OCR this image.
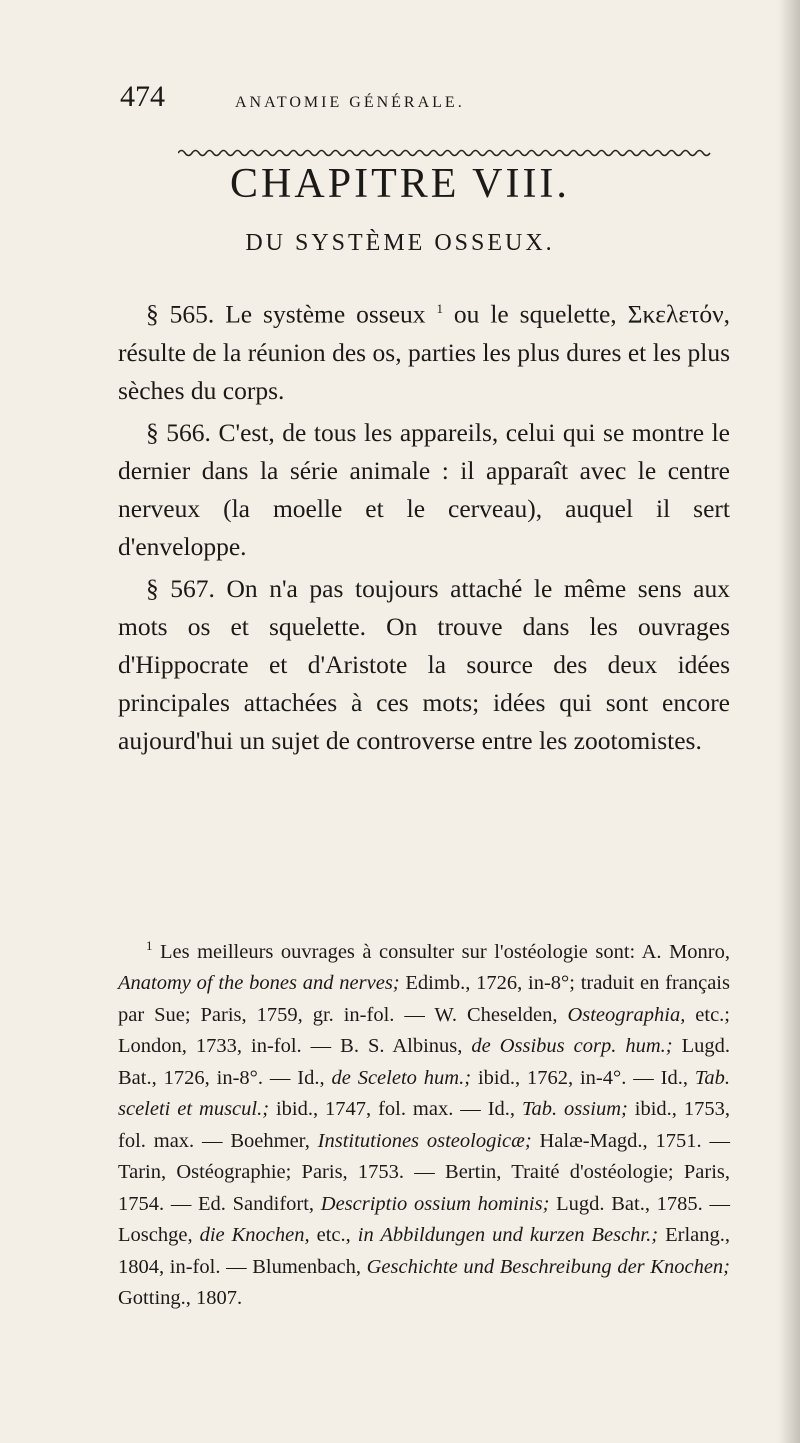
474	ANATOMIE GÉNÉRALE.
CHAPITRE VIII.
DU SYSTÈME OSSEUX.

§ 565. Le système osseux $^1$ ou le squelette, Σκελετόν, résulte de la réunion des os, parties les plus dures et les plus sèches du corps.

§ 566. C'est, de tous les appareils, celui qui se montre le dernier dans la série animale : il apparaît avec le centre nerveux (la moelle et le cerveau), auquel il sert d'enveloppe.

§ 567. On n'a pas toujours attaché le même sens aux mots os et squelette. On trouve dans les ouvrages d'Hippocrate et d'Aristote la source des deux idées principales attachées à ces mots; idées qui sont encore aujourd'hui un sujet de controverse entre les zootomistes.

$^1$ Les meilleurs ouvrages à consulter sur l'ostéologie sont: A. Monro, Anatomy of the bones and nerves; Edimb., 1726, in-8°; traduit en français par Sue; Paris, 1759, gr. in-fol. — W. Cheselden, Osteographia, etc.; London, 1733, in-fol. — B. S. Albinus, de Ossibus corp. hum.; Lugd. Bat., 1726, in-8°. — Id., de Sceleto hum.; ibid., 1762, in-4°. — Id., Tab. sceleti et muscul.; ibid., 1747, fol. max. — Id., Tab. ossium; ibid., 1753, fol. max. — Boehmer, Institutiones osteologicæ; Halæ-Magd., 1751. — Tarin, Ostéographie; Paris, 1753. — Bertin, Traité d'ostéologie; Paris, 1754. — Ed. Sandifort, Descriptio ossium hominis; Lugd. Bat., 1785. — Loschge, die Knochen, etc., in Abbildungen und kurzen Beschr.; Erlang., 1804, in-fol. — Blumenbach, Geschichte und Beschreibung der Knochen; Gotting., 1807.
